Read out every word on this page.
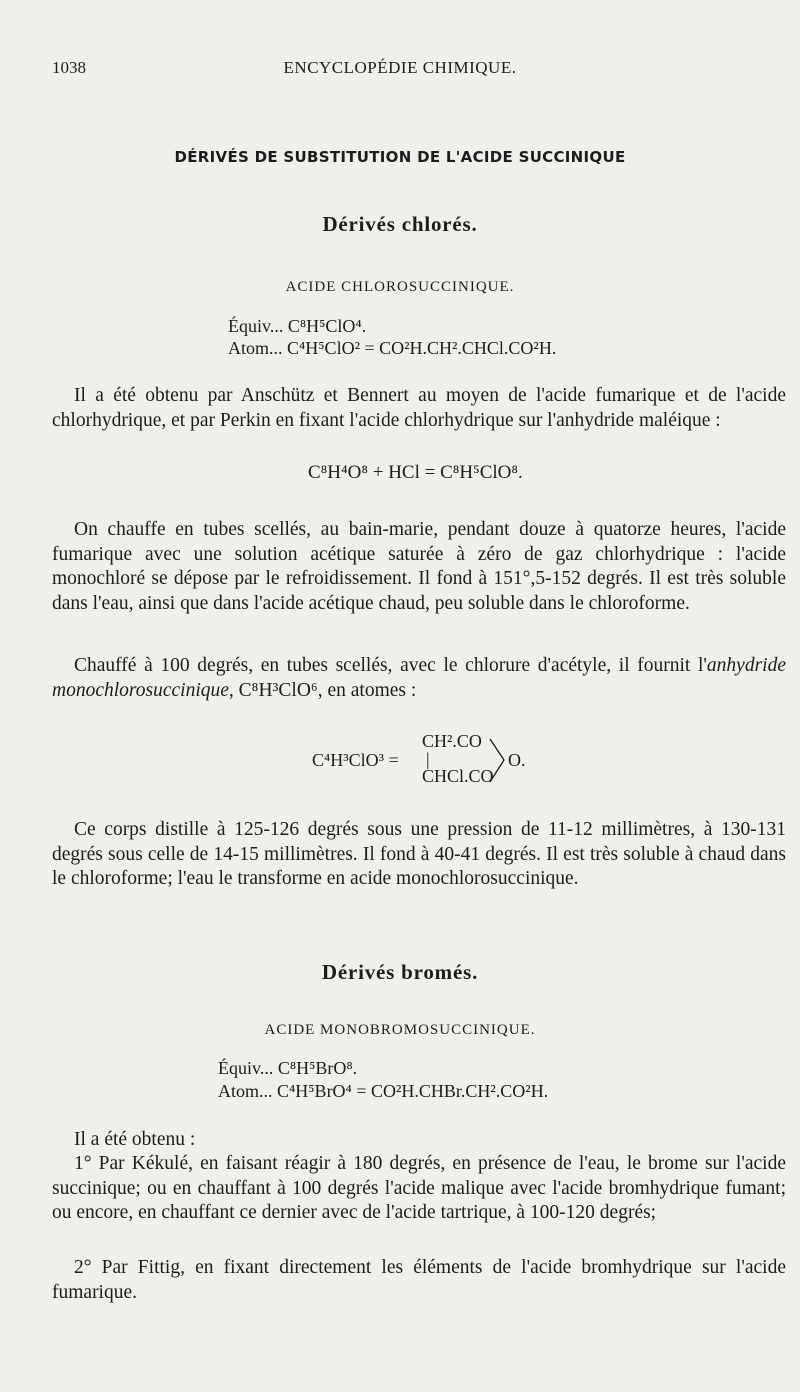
1038	ENCYCLOPÉDIE CHIMIQUE.
DÉRIVÉS DE SUBSTITUTION DE L'ACIDE SUCCINIQUE
Dérivés chlorés.
ACIDE CHLOROSUCCINIQUE.
Équiv... C⁸H⁵ClO⁴.
Atom... C⁴H⁵ClO² = CO²H.CH².CHCl.CO²H.

Il a été obtenu par Anschütz et Bennert au moyen de l'acide fumarique et de l'acide chlorhydrique, et par Perkin en fixant l'acide chlorhydrique sur l'anhydride maléique :

C⁸H⁴O⁸ + HCl = C⁸H⁵ClO⁸.

On chauffe en tubes scellés, au bain-marie, pendant douze à quatorze heures, l'acide fumarique avec une solution acétique saturée à zéro de gaz chlorhydrique : l'acide monochloré se dépose par le refroidissement. Il fond à 151°,5-152 degrés. Il est très soluble dans l'eau, ainsi que dans l'acide acétique chaud, peu soluble dans le chloroforme.

Chauffé à 100 degrés, en tubes scellés, avec le chlorure d'acétyle, il fournit l'anhydride monochlorosuccinique, C⁸H³ClO⁶, en atomes :

C⁴H³ClO³ =
CH².CO
|
CHCl.CO
O.

Ce corps distille à 125-126 degrés sous une pression de 11-12 millimètres, à 130-131 degrés sous celle de 14-15 millimètres. Il fond à 40-41 degrés. Il est très soluble à chaud dans le chloroforme; l'eau le transforme en acide monochlorosuccinique.

Dérivés bromés.
ACIDE MONOBROMOSUCCINIQUE.
Équiv... C⁸H⁵BrO⁸.
Atom... C⁴H⁵BrO⁴ = CO²H.CHBr.CH².CO²H.

Il a été obtenu :

1° Par Kékulé, en faisant réagir à 180 degrés, en présence de l'eau, le brome sur l'acide succinique; ou en chauffant à 100 degrés l'acide malique avec l'acide bromhydrique fumant; ou encore, en chauffant ce dernier avec de l'acide tartrique, à 100-120 degrés;

2° Par Fittig, en fixant directement les éléments de l'acide bromhydrique sur l'acide fumarique.
